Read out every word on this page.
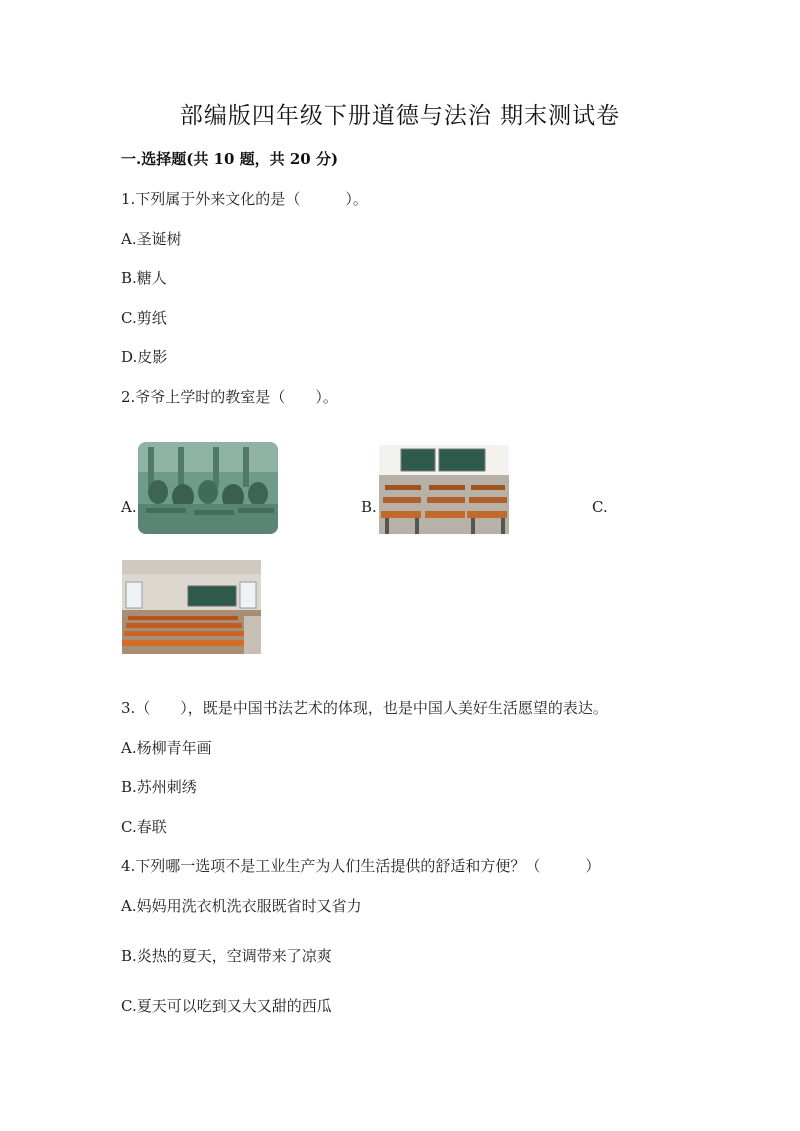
部编版四年级下册道德与法治 期末测试卷
一.选择题(共 10 题，共 20 分)
1.下列属于外来文化的是（　　　）。
A.圣诞树
B.糖人
C.剪纸
D.皮影
2.爷爷上学时的教室是（　　）。
A.	B.	C.
3.（　　），既是中国书法艺术的体现，也是中国人美好生活愿望的表达。
A.杨柳青年画
B.苏州刺绣
C.春联
4.下列哪一选项不是工业生产为人们生活提供的舒适和方便？（　　　）
A.妈妈用洗衣机洗衣服既省时又省力
B.炎热的夏天，空调带来了凉爽
C.夏天可以吃到又大又甜的西瓜
